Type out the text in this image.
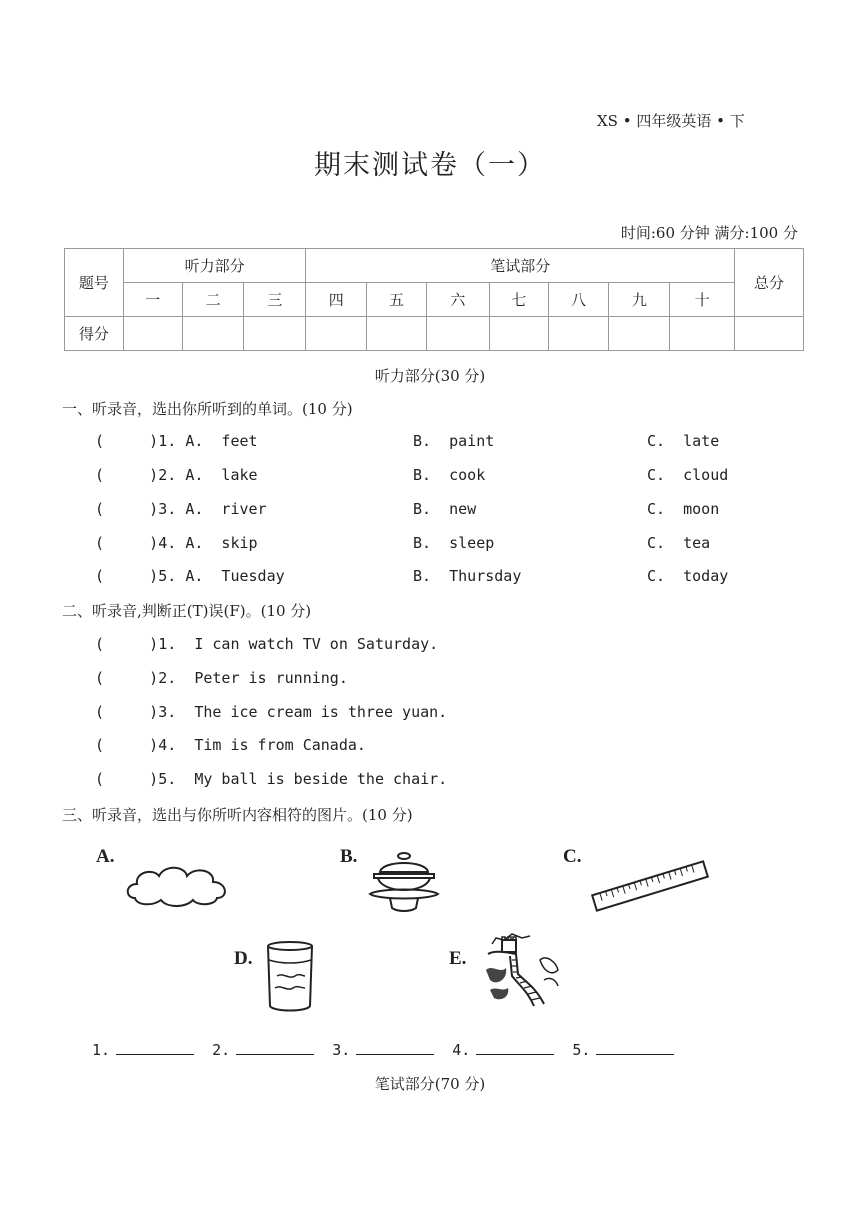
XS • 四年级英语 • 下
期末测试卷（一）
时间:60 分钟 满分:100 分
题号	听力部分			笔试部分							总分
	一	二	三	四	五	六	七	八	九	十	
得分											
听力部分(30 分)
一、听录音，选出你所听到的单词。(10 分)
(     )1. A.  feet	B.  paint	C.  late
(     )2. A.  lake	B.  cook	C.  cloud
(     )3. A.  river	B.  new	C.  moon
(     )4. A.  skip	B.  sleep	C.  tea
(     )5. A.  Tuesday	B.  Thursday	C.  today
二、听录音,判断正(T)误(F)。(10 分)
(     )1.  I can watch TV on Saturday.
(     )2.  Peter is running.
(     )3.  The ice cream is three yuan.
(     )4.  Tim is from Canada.
(     )5.  My ball is beside the chair.
三、听录音，选出与你所听内容相符的图片。(10 分)
A.	B.	C.
D.	E.
1.	2.	3.	4.	5.
笔试部分(70 分)
